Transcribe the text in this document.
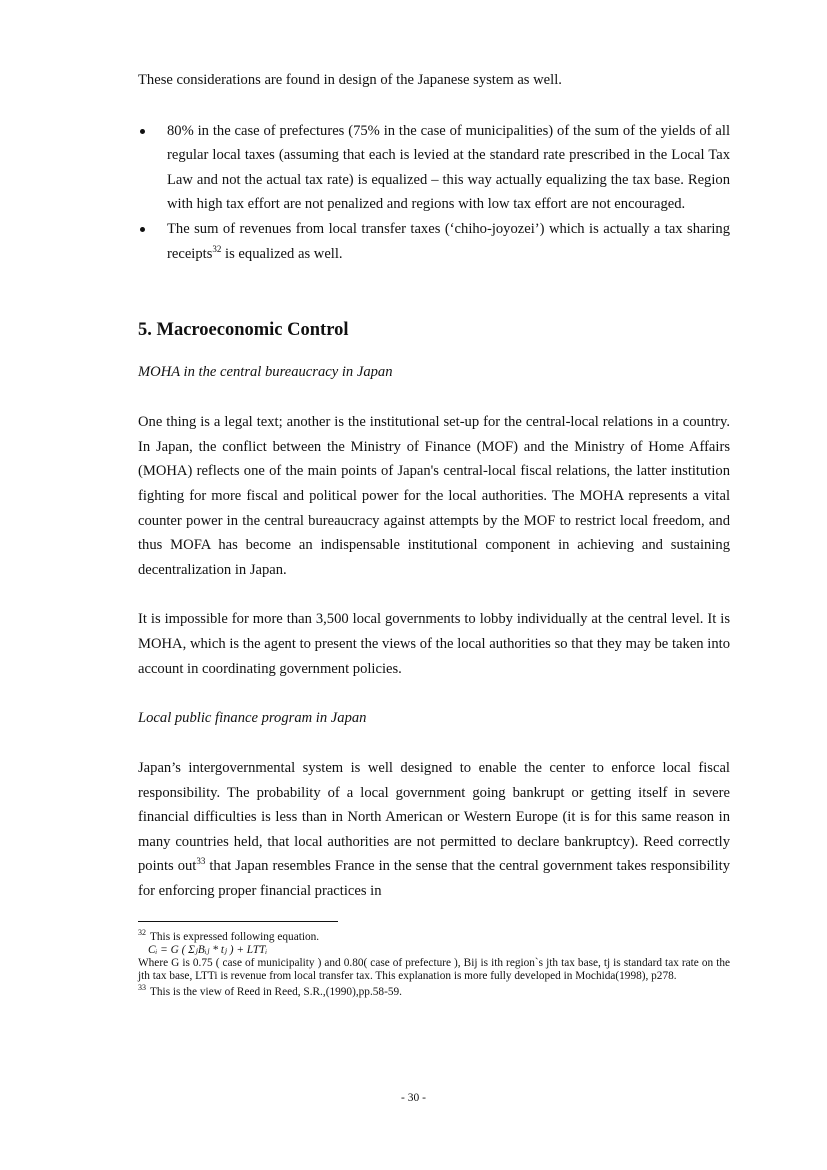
These considerations are found in design of the Japanese system as well.

80% in the case of prefectures (75% in the case of municipalities) of the sum of the yields of all regular local taxes (assuming that each is levied at the standard rate prescribed in the Local Tax Law and not the actual tax rate) is equalized – this way actually equalizing the tax base. Region with high tax effort are not penalized and regions with low tax effort are not encouraged.
The sum of revenues from local transfer taxes (‘chiho-joyozei’) which is actually a tax sharing receipts$^{32}$ is equalized as well.
5. Macroeconomic Control

MOHA in the central bureaucracy in Japan

One thing is a legal text; another is the institutional set-up for the central-local relations in a country. In Japan, the conflict between the Ministry of Finance (MOF) and the Ministry of Home Affairs (MOHA) reflects one of the main points of Japan's central-local fiscal relations, the latter institution fighting for more fiscal and political power for the local authorities. The MOHA represents a vital counter power in the central bureaucracy against attempts by the MOF to restrict local freedom, and thus MOFA has become an indispensable institutional component in achieving and sustaining decentralization in Japan.

It is impossible for more than 3,500 local governments to lobby individually at the central level. It is MOHA, which is the agent to present the views of the local authorities so that they may be taken into account in coordinating government policies.

Local public finance program in Japan

Japan’s intergovernmental system is well designed to enable the center to enforce local fiscal responsibility. The probability of a local government going bankrupt or getting itself in severe financial difficulties is less than in North American or Western Europe (it is for this same reason in many countries held, that local authorities are not permitted to declare bankruptcy). Reed correctly points out$^{33}$ that Japan resembles France in the sense that the central government takes responsibility for enforcing proper financial practices in

$^{32}$ This is expressed following equation.

Cᵢ = G ( ΣⱼBᵢⱼ * tⱼ ) + LTTᵢ

Where G is 0.75 ( case of municipality ) and 0.80( case of prefecture ), Bij is ith region`s jth tax base, tj is standard tax rate on the jth tax base, LTTi is revenue from local transfer tax. This explanation is more fully developed in Mochida(1998), p278.

$^{33}$ This is the view of Reed in Reed, S.R.,(1990),pp.58-59.

- 30 -
